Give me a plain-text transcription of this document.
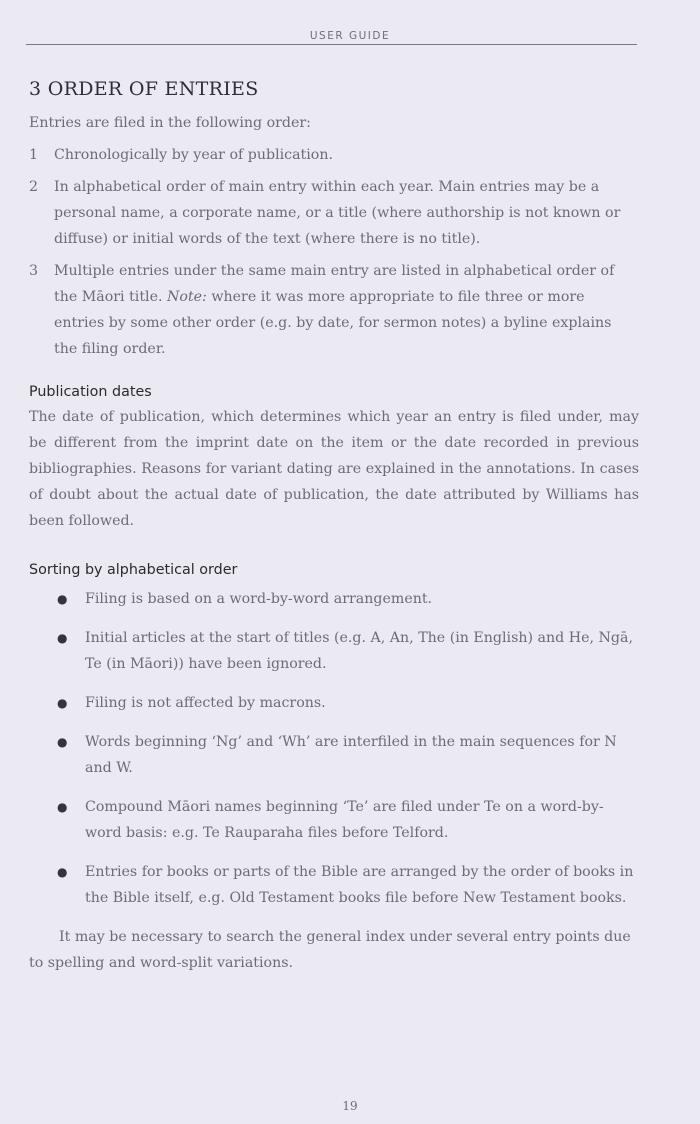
USER GUIDE
3 ORDER OF ENTRIES

Entries are filed in the following order:

1	Chronologically by year of publication.
2	In alphabetical order of main entry within each year. Main entries may be a personal name, a corporate name, or a title (where authorship is not known or diffuse) or initial words of the text (where there is no title).
3	Multiple entries under the same main entry are listed in alphabetical order of the Māori title. Note: where it was more appropriate to file three or more entries by some other order (e.g. by date, for sermon notes) a byline explains the filing order.
Publication dates

The date of publication, which determines which year an entry is filed under, may be different from the imprint date on the item or the date recorded in previous bibliographies. Reasons for variant dating are explained in the annotations. In cases of doubt about the actual date of publication, the date attributed by Williams has been followed.

Sorting by alphabetical order
●	Filing is based on a word-by-word arrangement.
●	Initial articles at the start of titles (e.g. A, An, The (in English) and He, Ngā, Te (in Māori)) have been ignored.
●	Filing is not affected by macrons.
●	Words beginning ‘Ng’ and ‘Wh’ are interfiled in the main sequences for N and W.
●	Compound Māori names beginning ‘Te’ are filed under Te on a word-by-word basis: e.g. Te Rauparaha files before Telford.
●	Entries for books or parts of the Bible are arranged by the order of books in the Bible itself, e.g. Old Testament books file before New Testament books.

It may be necessary to search the general index under several entry points due to spelling and word-split variations.

19
